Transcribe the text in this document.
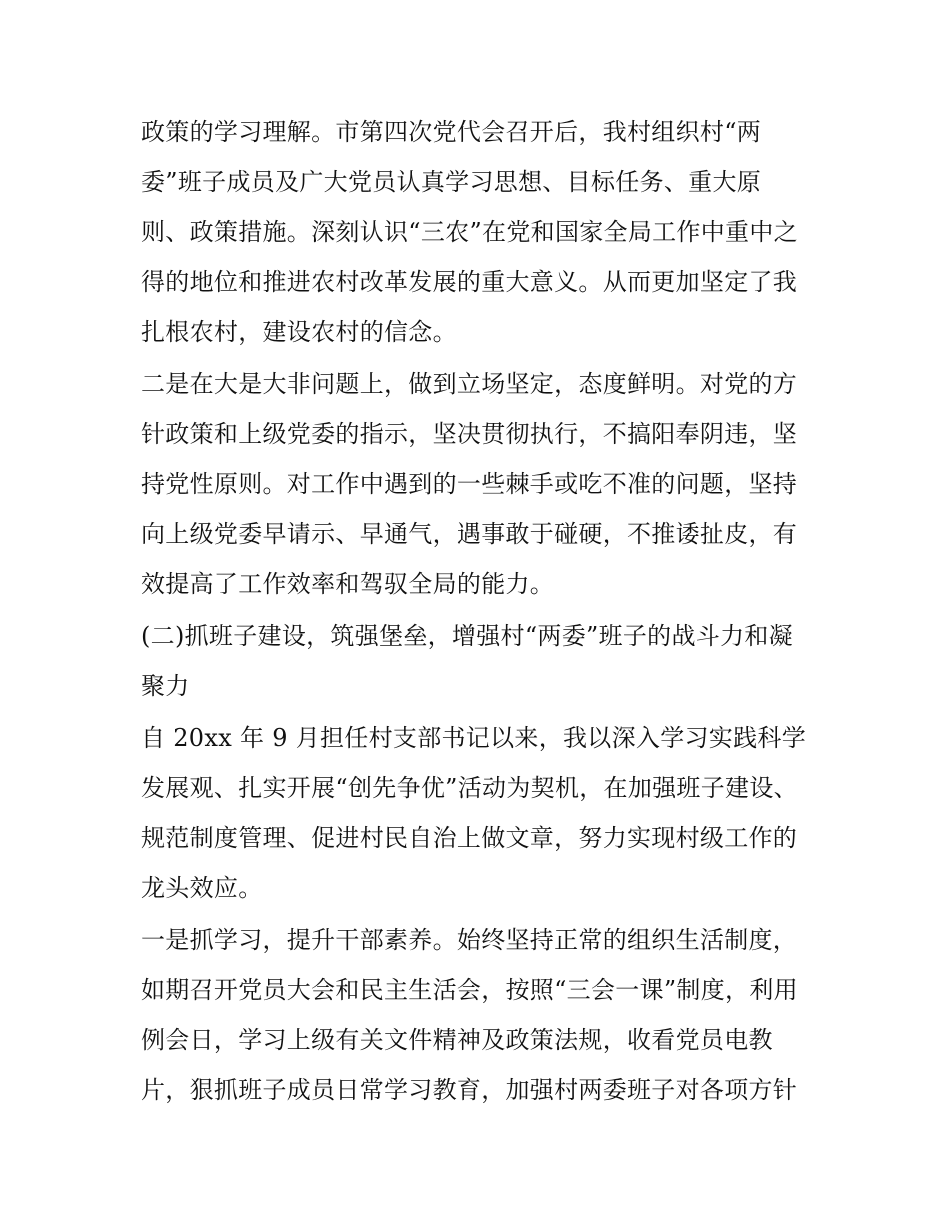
政策的学习理解。市第四次党代会召开后，我村组织村“两
委”班子成员及广大党员认真学习思想、目标任务、重大原
则、政策措施。深刻认识“三农”在党和国家全局工作中重中之
得的地位和推进农村改革发展的重大意义。从而更加坚定了我
扎根农村，建设农村的信念。
二是在大是大非问题上，做到立场坚定，态度鲜明。对党的方
针政策和上级党委的指示，坚决贯彻执行，不搞阳奉阴违，坚
持党性原则。对工作中遇到的一些棘手或吃不准的问题，坚持
向上级党委早请示、早通气，遇事敢于碰硬，不推诿扯皮，有
效提高了工作效率和驾驭全局的能力。
(二)抓班子建设，筑强堡垒，增强村“两委”班子的战斗力和凝
聚力
自 20xx 年 9 月担任村支部书记以来，我以深入学习实践科学
发展观、扎实开展“创先争优”活动为契机，在加强班子建设、
规范制度管理、促进村民自治上做文章，努力实现村级工作的
龙头效应。
一是抓学习，提升干部素养。始终坚持正常的组织生活制度，
如期召开党员大会和民主生活会，按照“三会一课”制度，利用
例会日，学习上级有关文件精神及政策法规，收看党员电教
片，狠抓班子成员日常学习教育，加强村两委班子对各项方针
